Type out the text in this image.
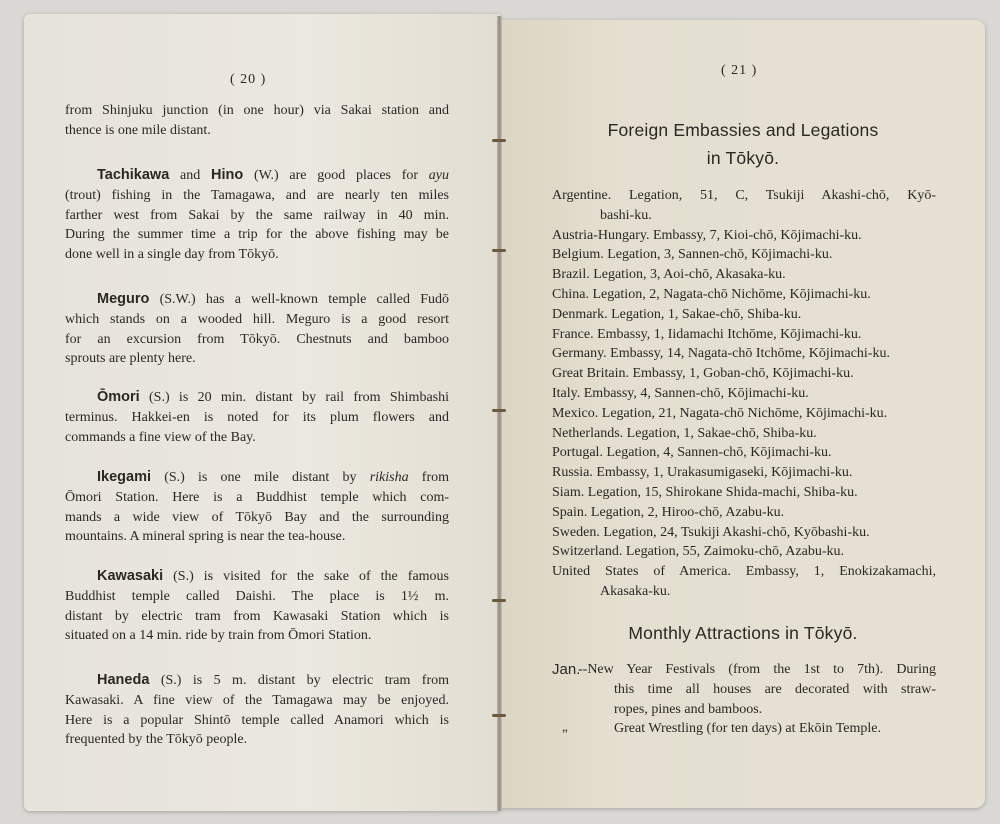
( 20 )
from Shinjuku junction (in one hour) via Sakai station and
thence is one mile distant.
Tachikawa and Hino (W.) are good places for ayu
(trout) fishing in the Tamagawa, and are nearly ten miles
farther west from Sakai by the same railway in 40 min.
During the summer time a trip for the above fishing may be
done well in a single day from Tōkyō.
Meguro (S.W.) has a well-known temple called Fudō
which stands on a wooded hill. Meguro is a good resort
for an excursion from Tōkyō. Chestnuts and bamboo
sprouts are plenty here.
Ōmori (S.) is 20 min. distant by rail from Shimbashi
terminus. Hakkei-en is noted for its plum flowers and
commands a fine view of the Bay.
Ikegami (S.) is one mile distant by rikisha from
Ōmori Station. Here is a Buddhist temple which com-
mands a wide view of Tōkyō Bay and the surrounding
mountains. A mineral spring is near the tea-house.
Kawasaki (S.) is visited for the sake of the famous
Buddhist temple called Daishi. The place is 1½ m.
distant by electric tram from Kawasaki Station which is
situated on a 14 min. ride by train from Ōmori Station.
Haneda (S.) is 5 m. distant by electric tram from
Kawasaki. A fine view of the Tamagawa may be enjoyed.
Here is a popular Shintō temple called Anamori which is
frequented by the Tōkyō people.
( 21 )
Foreign Embassies and Legations
in Tōkyō.
Argentine. Legation, 51, C, Tsukiji Akashi-chō, Kyō-
bashi-ku.
Austria-Hungary. Embassy, 7, Kioi-chō, Kōjimachi-ku.
Belgium. Legation, 3, Sannen-chō, Kōjimachi-ku.
Brazil. Legation, 3, Aoi-chō, Akasaka-ku.
China. Legation, 2, Nagata-chō Nichōme, Kōjimachi-ku.
Denmark. Legation, 1, Sakae-chō, Shiba-ku.
France. Embassy, 1, Iidamachi Itchōme, Kōjimachi-ku.
Germany. Embassy, 14, Nagata-chō Itchōme, Kōjimachi-ku.
Great Britain. Embassy, 1, Goban-chō, Kōjimachi-ku.
Italy. Embassy, 4, Sannen-chō, Kōjimachi-ku.
Mexico. Legation, 21, Nagata-chō Nichōme, Kōjimachi-ku.
Netherlands. Legation, 1, Sakae-chō, Shiba-ku.
Portugal. Legation, 4, Sannen-chō, Kōjimachi-ku.
Russia. Embassy, 1, Urakasumigaseki, Kōjimachi-ku.
Siam. Legation, 15, Shirokane Shida-machi, Shiba-ku.
Spain. Legation, 2, Hiroo-chō, Azabu-ku.
Sweden. Legation, 24, Tsukiji Akashi-chō, Kyōbashi-ku.
Switzerland. Legation, 55, Zaimoku-chō, Azabu-ku.
United States of America. Embassy, 1, Enokizakamachi,
Akasaka-ku.
Monthly Attractions in Tōkyō.
Jan.
--New Year Festivals (from the 1st to 7th). During
this time all houses are decorated with straw-
ropes, pines and bamboos.
Great Wrestling (for ten days) at Ekōin Temple.
”
